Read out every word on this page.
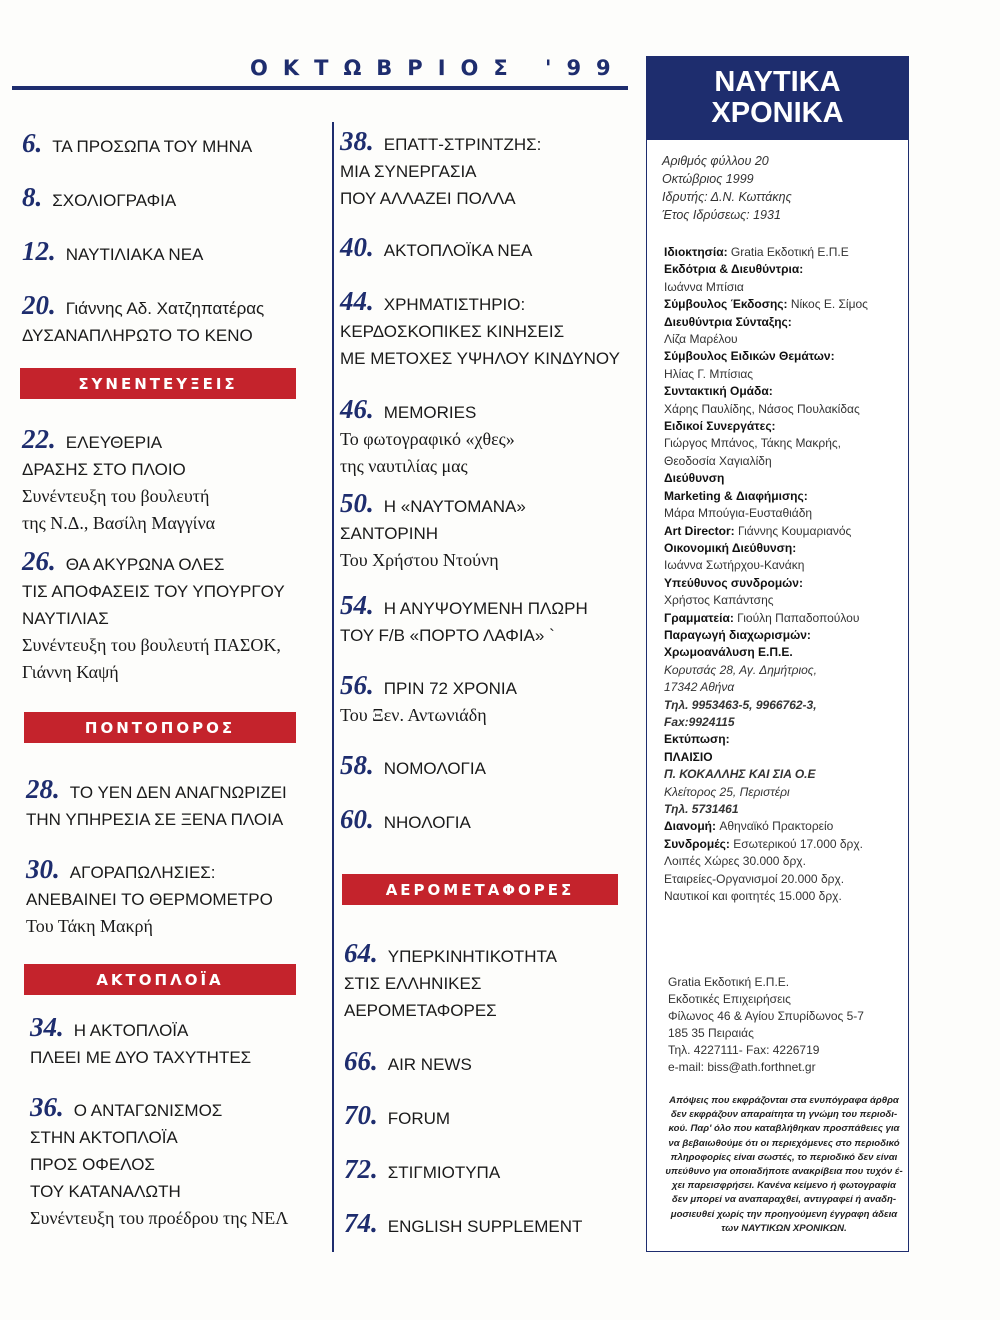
ΟΚΤΩΒΡΙΟΣ '99
6. ΤΑ ΠΡΟΣΩΠΑ ΤΟΥ ΜΗΝΑ
8. ΣΧΟΛΙΟΓΡΑΦΙΑ
12. ΝΑΥΤΙΛΙΑΚΑ ΝΕΑ
20. Γιάννης Αδ. Χατζηπατέρας
ΔΥΣΑΝΑΠΛΗΡΩΤΟ ΤΟ ΚΕΝΟ
ΣΥΝΕΝΤΕΥΞΕΙΣ
22. ΕΛΕΥΘΕΡΙΑ
ΔΡΑΣΗΣ ΣΤΟ ΠΛΟΙΟ
Συνέντευξη του βουλευτή
της Ν.Δ., Βασίλη Μαγγίνα
26. ΘΑ ΑΚΥΡΩΝΑ ΟΛΕΣ
ΤΙΣ ΑΠΟΦΑΣΕΙΣ ΤΟΥ ΥΠΟΥΡΓΟΥ
ΝΑΥΤΙΛΙΑΣ
Συνέντευξη του βουλευτή ΠΑΣΟΚ,
Γιάννη Καψή
ΠΟΝΤΟΠΟΡΟΣ
28. ΤΟ ΥΕΝ ΔΕΝ ΑΝΑΓΝΩΡΙΖΕΙ
ΤΗΝ ΥΠΗΡΕΣΙΑ ΣΕ ΞΕΝΑ ΠΛΟΙΑ
30. ΑΓΟΡΑΠΩΛΗΣΙΕΣ:
ΑΝΕΒΑΙΝΕΙ ΤΟ ΘΕΡΜΟΜΕΤΡΟ
Του Τάκη Μακρή
ΑΚΤΟΠΛΟΪΑ
34. Η ΑΚΤΟΠΛΟΪΑ
ΠΛΕΕΙ ΜΕ ΔΥΟ ΤΑΧΥΤΗΤΕΣ
36. Ο ΑΝΤΑΓΩΝΙΣΜΟΣ
ΣΤΗΝ ΑΚΤΟΠΛΟΪΑ
ΠΡΟΣ ΟΦΕΛΟΣ
ΤΟΥ ΚΑΤΑΝΑΛΩΤΗ
Συνέντευξη του προέδρου της ΝΕΛ
38. ΕΠΑΤΤ-ΣΤΡΙΝΤΖΗΣ:
ΜΙΑ ΣΥΝΕΡΓΑΣΙΑ
ΠΟΥ ΑΛΛΑΖΕΙ ΠΟΛΛΑ
40. ΑΚΤΟΠΛΟΪΚΑ ΝΕΑ
44. ΧΡΗΜΑΤΙΣΤΗΡΙΟ:
ΚΕΡΔΟΣΚΟΠΙΚΕΣ ΚΙΝΗΣΕΙΣ
ΜΕ ΜΕΤΟΧΕΣ ΥΨΗΛΟΥ ΚΙΝΔΥΝΟΥ
46. MEMORIES
Το φωτογραφικό «χθες»
της ναυτιλίας μας
50. Η «ΝΑΥΤΟΜΑΝΑ»
ΣΑΝΤΟΡΙΝΗ
Του Χρήστου Ντούνη
54. Η ΑΝΥΨΟΥΜΕΝΗ ΠΛΩΡΗ
ΤΟΥ F/B «ΠΟΡΤΟ ΛΑΦΙΑ» `
56. ΠΡΙΝ 72 ΧΡΟΝΙΑ
Του Ξεν. Αντωνιάδη
58. ΝΟΜΟΛΟΓΙΑ
60. ΝΗΟΛΟΓΙΑ
ΑΕΡΟΜΕΤΑΦΟΡΕΣ
64. ΥΠΕΡΚΙΝΗΤΙΚΟΤΗΤΑ
ΣΤΙΣ ΕΛΛΗΝΙΚΕΣ
ΑΕΡΟΜΕΤΑΦΟΡΕΣ
66. AIR NEWS
70. FORUM
72. ΣΤΙΓΜΙΟΤΥΠΑ
74. ENGLISH SUPPLEMENT
ΝΑΥΤΙΚΑ
ΧΡΟΝΙΚΑ
Αριθμός φύλλου 20
Οκτώβριος 1999
Ιδρυτής: Δ.Ν. Κωττάκης
Έτος Ιδρύσεως: 1931
Ιδιοκτησία: Gratia Εκδοτική Ε.Π.Ε
Εκδότρια & Διευθύντρια:
Ιωάννα Μπίσια
Σύμβουλος Έκδοσης: Νίκος Ε. Σίμος
Διευθύντρια Σύνταξης:
Λίζα Μαρέλου
Σύμβουλος Ειδικών Θεμάτων:
Ηλίας Γ. Μπίσιας
Συντακτική Ομάδα:
Χάρης Παυλίδης, Νάσος Πουλακίδας
Ειδικοί Συνεργάτες:
Γιώργος Μπάνος, Τάκης Μακρής,
Θεοδοσία Χαγιαλίδη
Διεύθυνση
Marketing & Διαφήμισης:
Μάρα Μπούγια-Ευσταθιάδη
Art Director: Γιάννης Κουμαριανός
Οικονομική Διεύθυνση:
Ιωάννα Σωτήρχου-Κανάκη
Υπεύθυνος συνδρομών:
Χρήστος Καπάντσης
Γραμματεία: Γιούλη Παπαδοπούλου
Παραγωγή διαχωρισμών:
Χρωμοανάλυση Ε.Π.Ε.
Κορυτσάς 28, Αγ. Δημήτριος,
17342 Αθήνα
Τηλ. 9953463-5, 9966762-3,
Fax:9924115
Εκτύπωση:
ΠΛΑΙΣΙΟ
Π. ΚΟΚΑΛΛΗΣ ΚΑΙ ΣΙΑ Ο.Ε
Κλείτορος 25, Περιστέρι
Τηλ. 5731461
Διανομή: Αθηναϊκό Πρακτορείο
Συνδρομές: Εσωτερικού 17.000 δρχ.
Λοιπές Χώρες 30.000 δρχ.
Εταιρείες-Οργανισμοί 20.000 δρχ.
Ναυτικοί και φοιτητές 15.000 δρχ.
Gratia Εκδοτική Ε.Π.Ε.
Εκδοτικές Επιχειρήσεις
Φίλωνος 46 & Αγίου Σπυρίδωνος 5-7
185 35 Πειραιάς
Τηλ. 4227111- Fax: 4226719
e-mail: biss@ath.forthnet.gr
Απόψεις που εκφράζονται στα ενυπόγραφα άρθρα
δεν εκφράζουν απαραίτητα τη γνώμη του περιοδι-
κού. Παρ' όλο που καταβλήθηκαν προσπάθειες για
να βεβαιωθούμε ότι οι περιεχόμενες στο περιοδικό
πληροφορίες είναι σωστές, το περιοδικό δεν είναι
υπεύθυνο για οποιαδήποτε ανακρίβεια που τυχόν έ-
χει παρεισφρήσει. Κανένα κείμενο ή φωτογραφία
δεν μπορεί να αναπαραχθεί, αντιγραφεί ή αναδη-
μοσιευθεί χωρίς την προηγούμενη έγγραφη άδεια
των ΝΑΥΤΙΚΩΝ ΧΡΟΝΙΚΩΝ.
